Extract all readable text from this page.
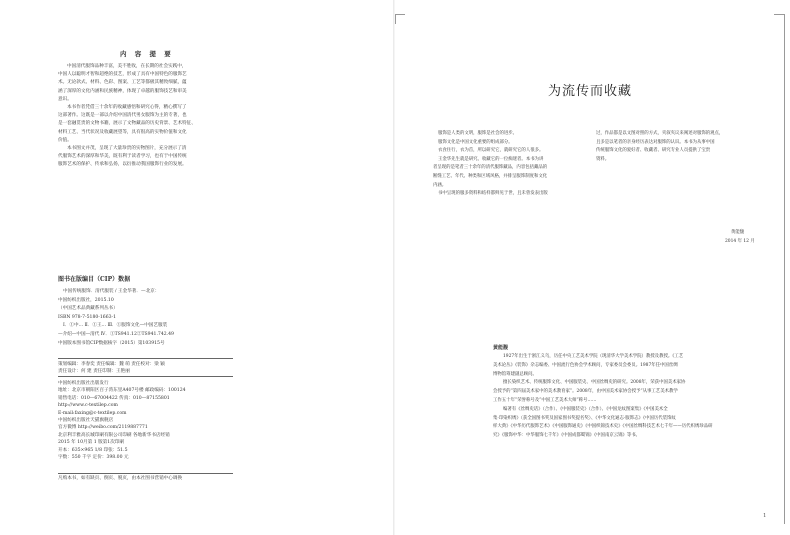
内 容 提 要
中国清代服饰品种丰富，美不胜收，在长期的社会实践中，
中国人以聪明才智和超绝的技艺，形成了具有中国特色的服饰艺
术。无论款式、材料、色彩、图案、工艺等都极其精致细腻，蕴
涵了深厚的文化内涵和民族精神，体现了卓越的服饰技艺和审美
意识。
本书作者凭借三十余年的收藏感悟和研究心得，精心撰写了
这部著作。这既是一部以介绍中国清代男女服饰为主的专著，也
是一套融贯贵的文物书籍，展示了文物藏品的历史背景、艺术特征、
材料工艺、当代状况及收藏展望等，具有很高的实物价值和文化
价值。
本书图文并茂，呈现了大量珍贵的实物图片，充分展示了清
代服饰艺术的深厚和华美，既有利于读者学习，也有于中国传统
服饰艺术的保护、传承和弘扬，以衍推动我国服饰行业的发展。
图书在版编目（CIP）数据
中国传统服饰．清代服装 / 王金华著．—北京：
中国纺织出版社，2015.10
（中国艺术品典藏系列丛书）
ISBN 978-7-5180-1663-1
Ⅰ．①中… Ⅱ．①王… Ⅲ．①服饰文化—中国艺服装
—介绍—中国—清代 Ⅳ．①TS941.12②TS941.742.49
中国版本图书馆CIP数据核字（2015）第103915号
策划编辑：李春奕 责任编辑：魏 萌 责任校对：梁 颖
责任设计：何 建 责任印制：王艳丽
中国纺织出版社出版发行
地址：北京市朝阳区百子湾东里A407号楼 邮政编码：100124
销售电话：010—67004422 传真：010—87155801
http://www.c-textilep.com
E-mail:faxing@c-textilep.com
中国纺织出版社天猫旗舰店
官方微博 http://weibo.com/2119887771
北京利丰雅高长城印刷有限公司印刷 各地新华书店经销
2015 年 10月第 1 版第1次印刷
开本：635×965 1/8 印张：51.5
字数：550 千字 定价：398.00 元
凡购本书，如有缺页、倒页、脱页，由本社图书营销中心调换
为流传而收藏
服饰是人类的文明，服饰是社会的进步。
服饰文化是中国文化重要的组成部分。
衣食住行，衣为首，所以研究它，就研究它的人很多。
王金华先生就是研究、收藏它的一位痴迷者。本书为讲
者呈现的是笔者三十余年的清代服饰藏品，内容包括藏品的
断缝工艺、年代、种类和区域风格，并排呈服饰制度和文化
内涵。
书中呈现的服多资料和结样都鲜见于世，且未曾发表出版
过，作品都是以文图对照的方式，夹叙夹议来阐述对服饰的观点，
且多是以笔者的亲身经历表达对服饰的认识。本书为从事中国
传统服饰文化的爱好者、收藏者、研究专业人员提供了宝贵
资料。
黄能馥
2014 年 12 月
黄能馥
1927年出生于浙江义乌，历任中央工艺美术学院（现清华大学美术学院）教授及教授。《工艺
美术论丛》《装饰》杂志编委、中国流行色协会学术顾问，专家委员会委员。1987年任中国丝绸
博物馆筹建副总顾问。
擅长染织艺术、传统服饰文化、中国服装史、中国丝绸史的研究。2008年，荣获中国美术家协
会授予的“第四届美术家中的美术教育家”。2008年，由中国美术家协会授予“从事工艺美术教学
工作五十年”荣誉称号及“中国工艺美术大师”称号……
编著有《丝绸史话》（合作）、《中国服装史》（合作）、《中国龙纹图案集》《中国美术全
集·印染织绣》（获全国图书奖及国家图书奖提名奖）、《中华文化通志·服饰志》《中国历代装饰纹
样大典》《中华历代服饰艺术》《中国服饰通史》《中国织锦技术史》《中国丝绸科技艺术七千年——历代织绣珍品研
究》《服饰中华：中华服饰七千年》《中国成都蜀锦》《中国南京云锦》等书。
1
